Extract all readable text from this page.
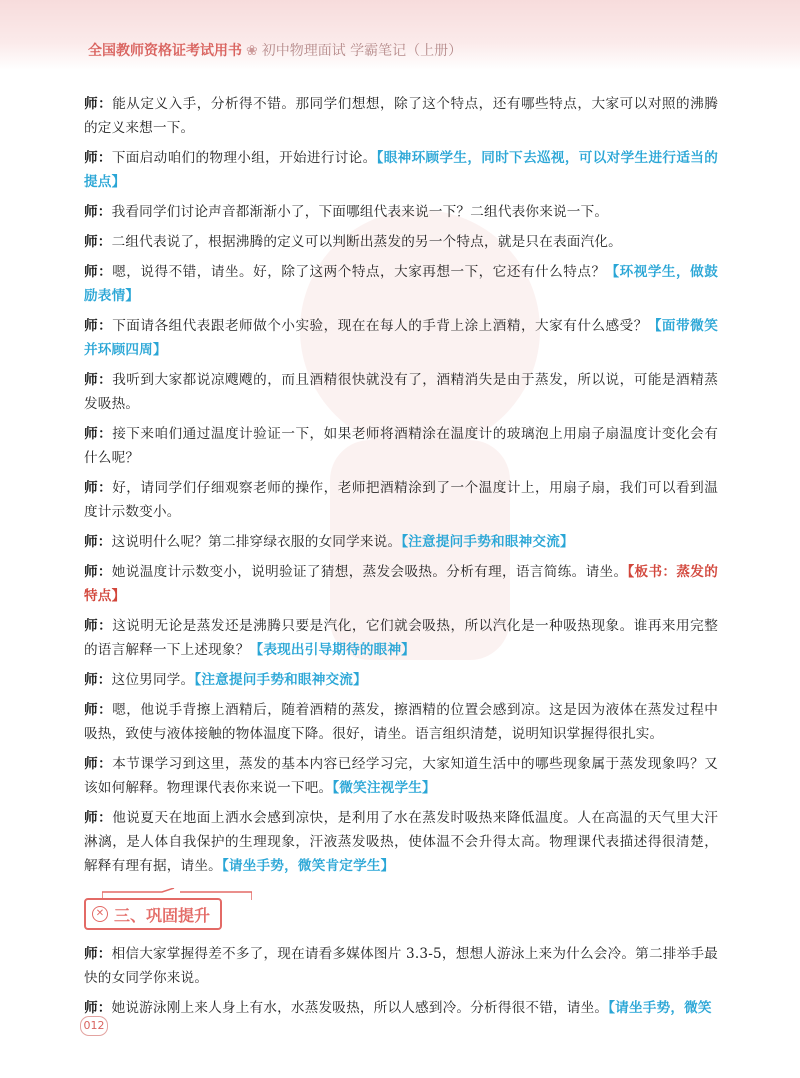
全国教师资格证考试用书 ❀ 初中物理面试 学霸笔记（上册）

师：能从定义入手，分析得不错。那同学们想想，除了这个特点，还有哪些特点，大家可以对照的沸腾的定义来想一下。

师：下面启动咱们的物理小组，开始进行讨论。【眼神环顾学生，同时下去巡视，可以对学生进行适当的提点】

师：我看同学们讨论声音都渐渐小了，下面哪组代表来说一下？二组代表你来说一下。

师：二组代表说了，根据沸腾的定义可以判断出蒸发的另一个特点，就是只在表面汽化。

师：嗯，说得不错，请坐。好，除了这两个特点，大家再想一下，它还有什么特点？【环视学生，做鼓励表情】

师：下面请各组代表跟老师做个小实验，现在在每人的手背上涂上酒精，大家有什么感受？【面带微笑并环顾四周】

师：我听到大家都说凉飕飕的，而且酒精很快就没有了，酒精消失是由于蒸发，所以说，可能是酒精蒸发吸热。

师：接下来咱们通过温度计验证一下，如果老师将酒精涂在温度计的玻璃泡上用扇子扇温度计变化会有什么呢？

师：好，请同学们仔细观察老师的操作，老师把酒精涂到了一个温度计上，用扇子扇，我们可以看到温度计示数变小。

师：这说明什么呢？第二排穿绿衣服的女同学来说。【注意提问手势和眼神交流】

师：她说温度计示数变小，说明验证了猜想，蒸发会吸热。分析有理，语言简练。请坐。【板书：蒸发的特点】

师：这说明无论是蒸发还是沸腾只要是汽化，它们就会吸热，所以汽化是一种吸热现象。谁再来用完整的语言解释一下上述现象？【表现出引导期待的眼神】

师：这位男同学。【注意提问手势和眼神交流】

师：嗯，他说手背擦上酒精后，随着酒精的蒸发，擦酒精的位置会感到凉。这是因为液体在蒸发过程中吸热，致使与液体接触的物体温度下降。很好，请坐。语言组织清楚，说明知识掌握得很扎实。

师：本节课学习到这里，蒸发的基本内容已经学习完，大家知道生活中的哪些现象属于蒸发现象吗？又该如何解释。物理课代表你来说一下吧。【微笑注视学生】

师：他说夏天在地面上洒水会感到凉快，是利用了水在蒸发时吸热来降低温度。人在高温的天气里大汗淋漓，是人体自我保护的生理现象，汗液蒸发吸热，使体温不会升得太高。物理课代表描述得很清楚，解释有理有据，请坐。【请坐手势，微笑肯定学生】

✕ 三、巩固提升

师：相信大家掌握得差不多了，现在请看多媒体图片 3.3-5，想想人游泳上来为什么会冷。第二排举手最快的女同学你来说。

师：她说游泳刚上来人身上有水，水蒸发吸热，所以人感到冷。分析得很不错，请坐。【请坐手势，微笑

012
